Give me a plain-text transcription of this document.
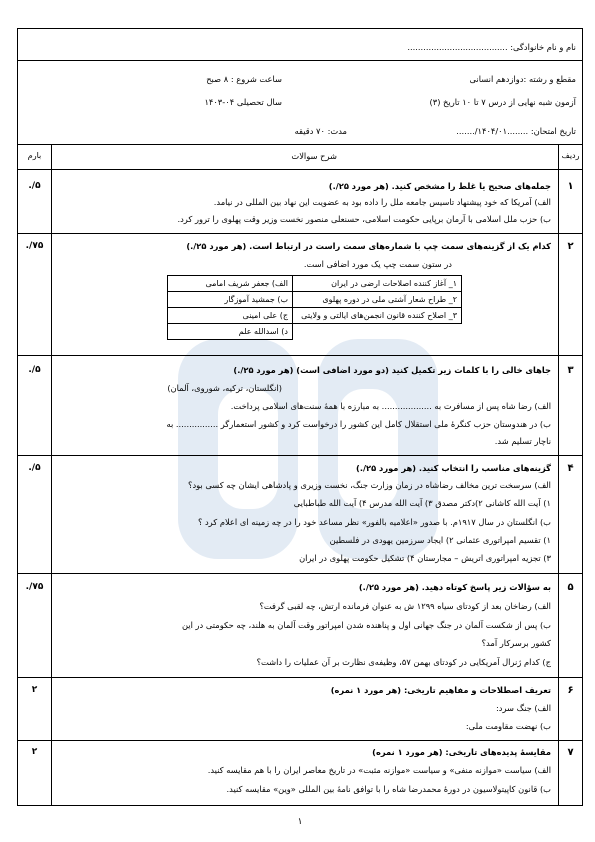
نام و نام خانوادگی: ......................................
مقطع و رشته :دوازدهم انسانی
ساعت شروع : ۸ صبح
آزمون شبه نهایی از درس ۷ تا ۱۰ تاریخ (۳)
سال تحصیلی ۰۴-۱۴۰۳
تاریخ امتحان: ........۱۴۰۴/۰۱/.......
مدت: ۷۰ دقیقه
ردیف
شرح سوالات
بارم
۱
۵/.	جمله‌های صحیح یا غلط را مشخص کنید. (هر مورد ۲۵/.)
الف) آمریکا که خود پیشنهاد تاسیس جامعه ملل را داده بود به عضویت این نهاد بین المللی در نیامد.
ب) حزب ملل اسلامی با آرمان برپایی حکومت اسلامی، حسنعلی منصور نخست وزیر وقت پهلوی را ترور کرد.
۲
۷۵/.	کدام یک از گزینه‌های سمت چپ با شماره‌های سمت راست در ارتباط است. (هر مورد ۲۵/.)
در ستون سمت چپ یک مورد اضافی است.
۱_ آغاز کننده اصلاحات ارضی در ایران	الف) جعفر شریف امامی
۲_ طراح شعار آشتی ملی در دوره پهلوی	ب) جمشید آموزگار
۳_ اصلاح کننده قانون انجمن‌های ایالتی و ولایتی	ج) علی امینی
	د) اسدالله علم
۳
۵/.	جاهای خالی را با کلمات زیر تکمیل کنید (دو مورد اضافی است) (هر مورد ۲۵/.)
(انگلستان، ترکیه، شوروی، آلمان)
الف) رضا شاه پس از مسافرت به ................... به مبارزه با همهٔ سنت‌های اسلامی پرداخت.
ب) در هندوستان حزب کنگرهٔ ملی استقلال کامل این کشور را درخواست کرد و کشور استعمارگر ................ به
ناچار تسلیم شد.
۴
۵/.	گزینه‌های مناسب را انتخاب کنید. (هر مورد ۲۵/.)
الف) سرسخت ترین مخالف رضاشاه در زمان وزارت جنگ، نخست وزیری و پادشاهی ایشان چه کسی بود؟
۱) آیت الله کاشانی ۲)دکتر مصدق ۳) آیت الله مدرس ۴) آیت الله طباطبایی
ب) انگلستان در سال ۱۹۱۷م. با صدور «اعلامیه بالفور» نظر مساعد خود را در چه زمینه ای اعلام کرد ؟
۱) تقسیم امپراتوری عثمانی ۲) ایجاد سرزمین یهودی در فلسطین
۳) تجزیه امپراتوری اتریش – مجارستان ۴) تشکیل حکومت پهلوی در ایران
۵
۷۵/.	به سؤالات زیر پاسخ کوتاه دهید. (هر مورد ۲۵/.)
الف) رضاخان بعد از کودتای سیاه ۱۲۹۹ ش به عنوان فرمانده ارتش، چه لقبی گرفت؟
ب) پس از شکست آلمان در جنگ جهانی اول و پناهنده شدن امپراتور وقت آلمان به هلند، چه حکومتی در این
کشور برسرکار آمد؟
ج) کدام ژنرال آمریکایی در کودتای بهمن ۵۷، وظیفه‌ی نظارت بر آن عملیات را داشت؟
۶
۲	تعریف اصطلاحات و مفاهیم تاریخی: (هر مورد ۱ نمره)
الف) جنگ سرد:
ب) نهضت مقاومت ملی:
۷
۲	مقایسهٔ پدیده‌های تاریخی: (هر مورد ۱ نمره)
الف) سیاست «موازنه منفی» و سیاست «موازنه مثبت» در تاریخ معاصر ایران را با هم مقایسه کنید.
ب) قانون کاپیتولاسیون در دورهٔ محمدرضا شاه را با توافق نامهٔ بین المللی «وین» مقایسه کنید.
۱
